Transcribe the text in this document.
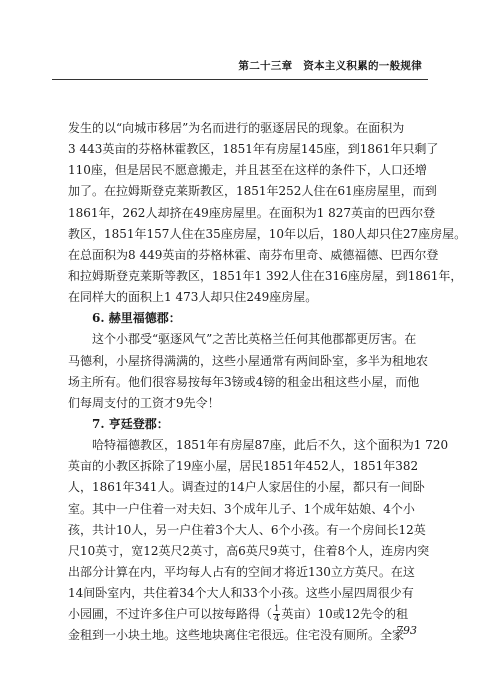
第二十三章　资本主义积累的一般规律
发生的以“向城市移居”为名而进行的驱逐居民的现象。在面积为
3 443英亩的芬格林霍教区，1851年有房屋145座，到1861年只剩了
110座，但是居民不愿意搬走，并且甚至在这样的条件下，人口还增
加了。在拉姆斯登克莱斯教区，1851年252人住在61座房屋里，而到
1861年，262人却挤在49座房屋里。在面积为1 827英亩的巴西尔登
教区，1851年157人住在35座房屋，10年以后，180人却只住27座房屋。
在总面积为8 449英亩的芬格林霍、南芬布里奇、威德福德、巴西尔登
和拉姆斯登克莱斯等教区，1851年1 392人住在316座房屋，到1861年，
在同样大的面积上1 473人却只住249座房屋。
6. 赫里福德郡：
这个小郡受“驱逐风气”之苦比英格兰任何其他郡都更厉害。在
马德利，小屋挤得满满的，这些小屋通常有两间卧室，多半为租地农
场主所有。他们很容易按每年3镑或4镑的租金出租这些小屋，而他
们每周支付的工资才9先令！
7. 亨廷登郡：
哈特福德教区，1851年有房屋87座，此后不久，这个面积为1 720
英亩的小教区拆除了19座小屋，居民1851年452人，1851年382
人，1861年341人。调查过的14户人家居住的小屋，都只有一间卧
室。其中一户住着一对夫妇、3个成年儿子、1个成年姑娘、4个小
孩，共计10人，另一户住着3个大人、6个小孩。有一个房间长12英
尺10英寸，宽12英尺2英寸，高6英尺9英寸，住着8个人，连房内突
出部分计算在内，平均每人占有的空间才将近130立方英尺。在这
14间卧室内，共住着34个大人和33个小孩。这些小屋四周很少有
小园圃，不过许多住户可以按每路得（ $\frac{1}{4}$ 英亩）10或12先令的租
金租到一小块土地。这些地块离住宅很远。住宅没有厕所。全家
793
